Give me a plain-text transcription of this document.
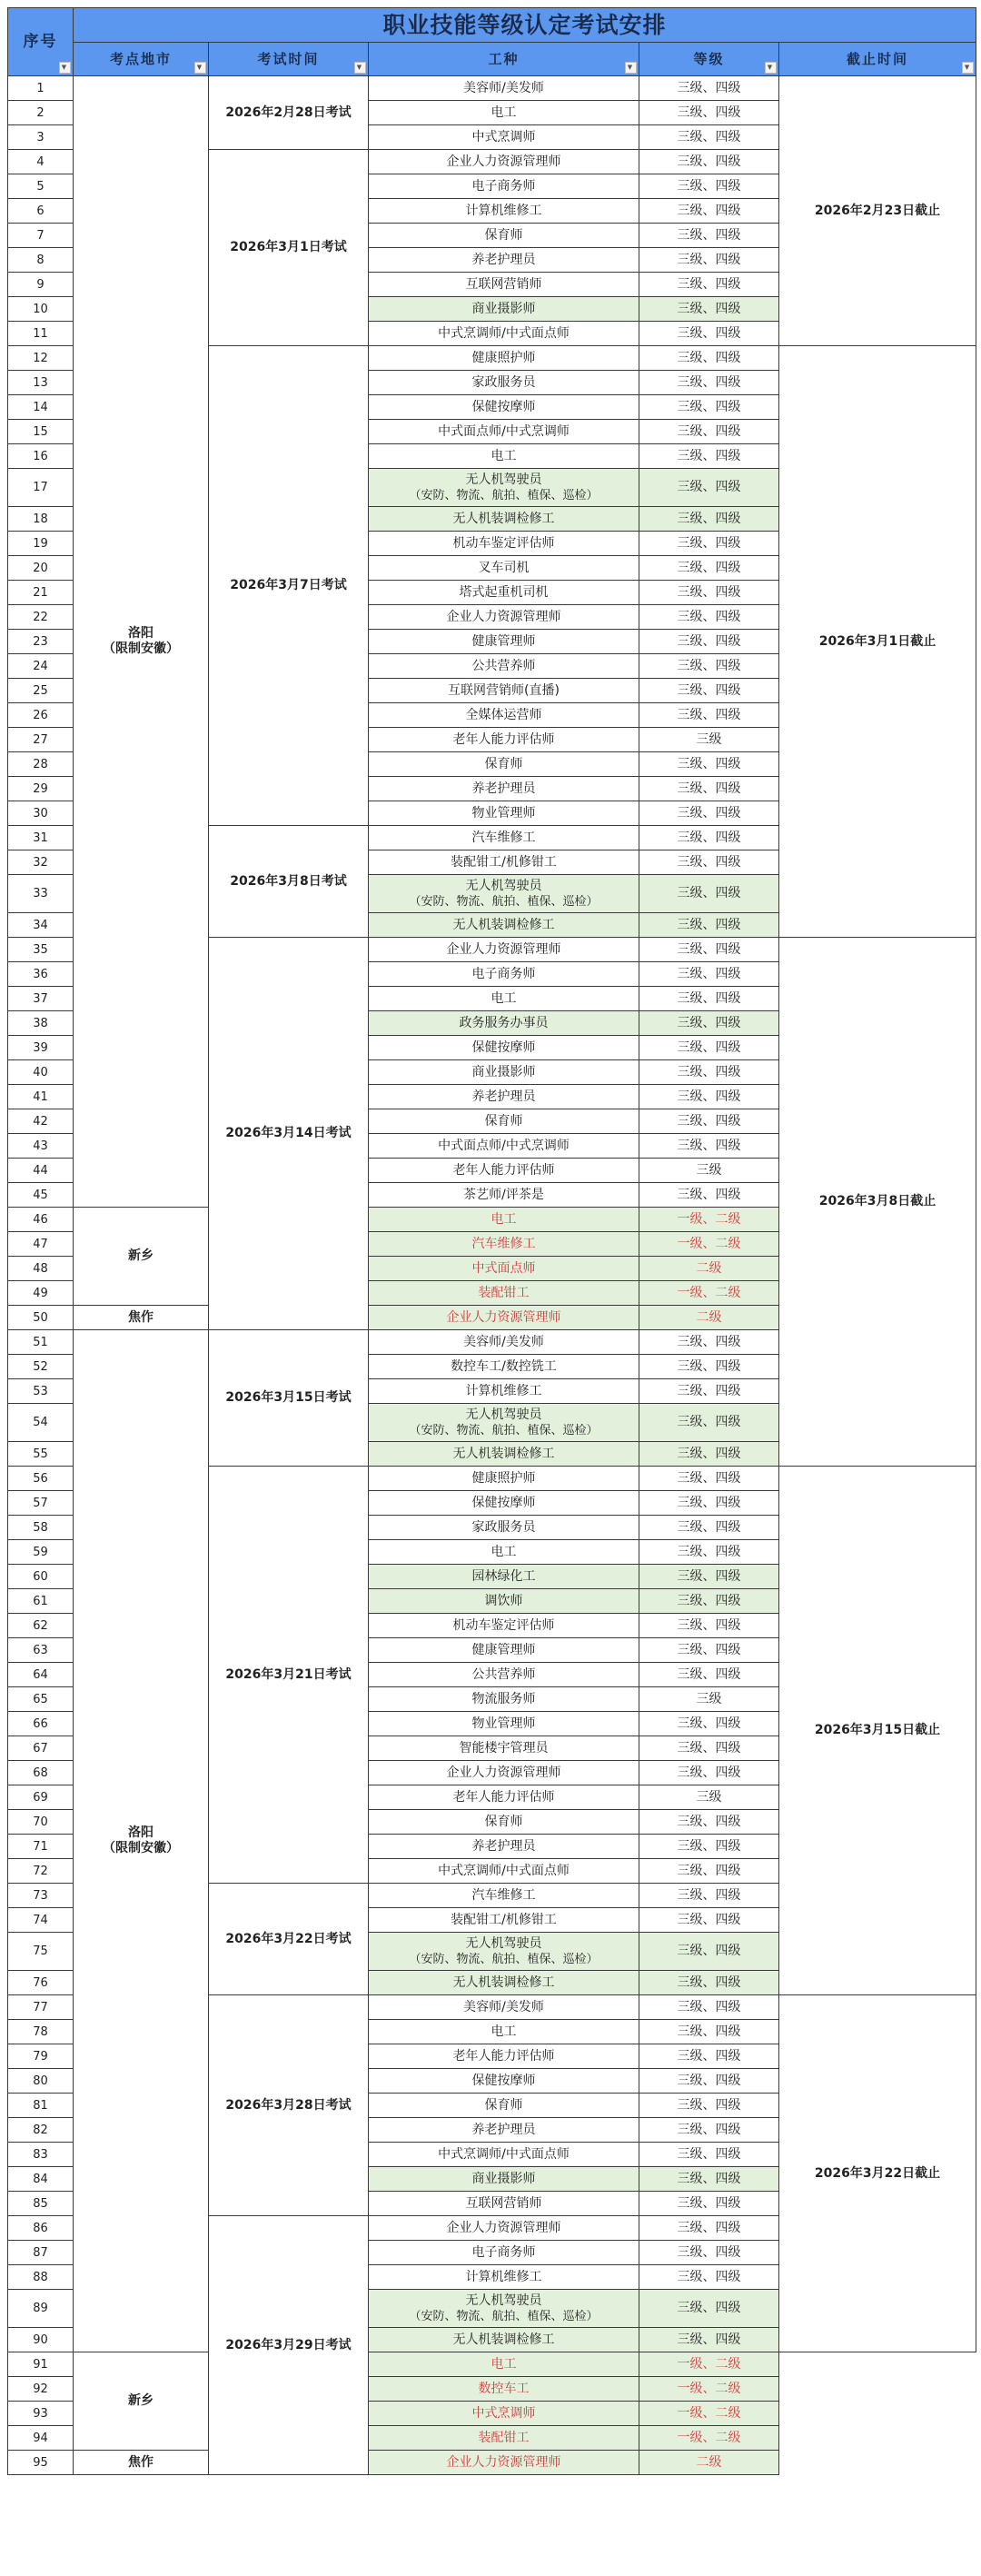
序号
▼	职业技能等级认定考试安排				
	考点地市
▼	考试时间
▼	工种
▼	等级
▼	截止时间
▼

1	洛阳
（限制安徽）	2026年2月28日考试	美容师/美发师	三级、四级	2026年2月23日截止
2			电工	三级、四级	
3			中式烹调师	三级、四级	
4		2026年3月1日考试	企业人力资源管理师	三级、四级	
5			电子商务师	三级、四级	
6			计算机维修工	三级、四级	
7			保育师	三级、四级	
8			养老护理员	三级、四级	
9			互联网营销师	三级、四级	
10			商业摄影师	三级、四级	
11			中式烹调师/中式面点师	三级、四级	
12		2026年3月7日考试	健康照护师	三级、四级	2026年3月1日截止
13			家政服务员	三级、四级	
14			保健按摩师	三级、四级	
15			中式面点师/中式烹调师	三级、四级	
16			电工	三级、四级	
17			无人机驾驶员
（安防、物流、航拍、植保、巡检）	三级、四级	
18			无人机装调检修工	三级、四级	
19			机动车鉴定评估师	三级、四级	
20			叉车司机	三级、四级	
21			塔式起重机司机	三级、四级	
22			企业人力资源管理师	三级、四级	
23			健康管理师	三级、四级	
24			公共营养师	三级、四级	
25			互联网营销师(直播)	三级、四级	
26			全媒体运营师	三级、四级	
27			老年人能力评估师	三级	
28			保育师	三级、四级	
29			养老护理员	三级、四级	
30			物业管理师	三级、四级	
31		2026年3月8日考试	汽车维修工	三级、四级	
32			装配钳工/机修钳工	三级、四级	
33			无人机驾驶员
（安防、物流、航拍、植保、巡检）	三级、四级	
34			无人机装调检修工	三级、四级	
35		2026年3月14日考试	企业人力资源管理师	三级、四级	2026年3月8日截止
36			电子商务师	三级、四级	
37			电工	三级、四级	
38			政务服务办事员	三级、四级	
39			保健按摩师	三级、四级	
40			商业摄影师	三级、四级	
41			养老护理员	三级、四级	
42			保育师	三级、四级	
43			中式面点师/中式烹调师	三级、四级	
44			老年人能力评估师	三级	
45			茶艺师/评茶是	三级、四级	
46	新乡		电工	一级、二级	
47			汽车维修工	一级、二级	
48			中式面点师	二级	
49			装配钳工	一级、二级	
50	焦作		企业人力资源管理师	二级	
51	洛阳
（限制安徽）	2026年3月15日考试	美容师/美发师	三级、四级	
52			数控车工/数控铣工	三级、四级	
53			计算机维修工	三级、四级	
54			无人机驾驶员
（安防、物流、航拍、植保、巡检）	三级、四级	
55			无人机装调检修工	三级、四级	
56		2026年3月21日考试	健康照护师	三级、四级	2026年3月15日截止
57			保健按摩师	三级、四级	
58			家政服务员	三级、四级	
59			电工	三级、四级	
60			园林绿化工	三级、四级	
61			调饮师	三级、四级	
62			机动车鉴定评估师	三级、四级	
63			健康管理师	三级、四级	
64			公共营养师	三级、四级	
65			物流服务师	三级	
66			物业管理师	三级、四级	
67			智能楼宇管理员	三级、四级	
68			企业人力资源管理师	三级、四级	
69			老年人能力评估师	三级	
70			保育师	三级、四级	
71			养老护理员	三级、四级	
72			中式烹调师/中式面点师	三级、四级	
73		2026年3月22日考试	汽车维修工	三级、四级	
74			装配钳工/机修钳工	三级、四级	
75			无人机驾驶员
（安防、物流、航拍、植保、巡检）	三级、四级	
76			无人机装调检修工	三级、四级	
77		2026年3月28日考试	美容师/美发师	三级、四级	2026年3月22日截止
78			电工	三级、四级	
79			老年人能力评估师	三级、四级	
80			保健按摩师	三级、四级	
81			保育师	三级、四级	
82			养老护理员	三级、四级	
83			中式烹调师/中式面点师	三级、四级	
84			商业摄影师	三级、四级	
85			互联网营销师	三级、四级	
86		2026年3月29日考试	企业人力资源管理师	三级、四级	
87			电子商务师	三级、四级	
88			计算机维修工	三级、四级	
89			无人机驾驶员
（安防、物流、航拍、植保、巡检）	三级、四级	
90			无人机装调检修工	三级、四级	
91	新乡		电工	一级、二级	
92			数控车工	一级、二级	
93			中式烹调师	一级、二级	
94			装配钳工	一级、二级	
95	焦作		企业人力资源管理师	二级	
